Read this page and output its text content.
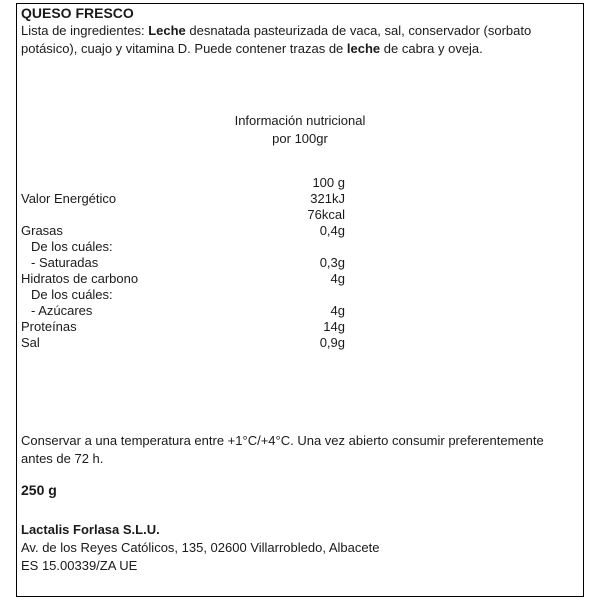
QUESO FRESCO
Lista de ingredientes: Leche desnatada pasteurizada de vaca, sal, conservador (sorbato potásico), cuajo y vitamina D. Puede contener trazas de leche de cabra y oveja.
Información nutricional
por 100gr
100 g
Valor Energético	321kJ
76kcal
Grasas	0,4g
De los cuáles:
- Saturadas	0,3g
Hidratos de carbono	4g
De los cuáles:
- Azúcares	4g
Proteínas	14g
Sal	0,9g
Conservar a una temperatura entre +1°C/+4°C. Una vez abierto consumir preferentemente antes de 72 h.
250 g
Lactalis Forlasa S.L.U.
Av. de los Reyes Católicos, 135, 02600 Villarrobledo, Albacete
ES 15.00339/ZA UE
